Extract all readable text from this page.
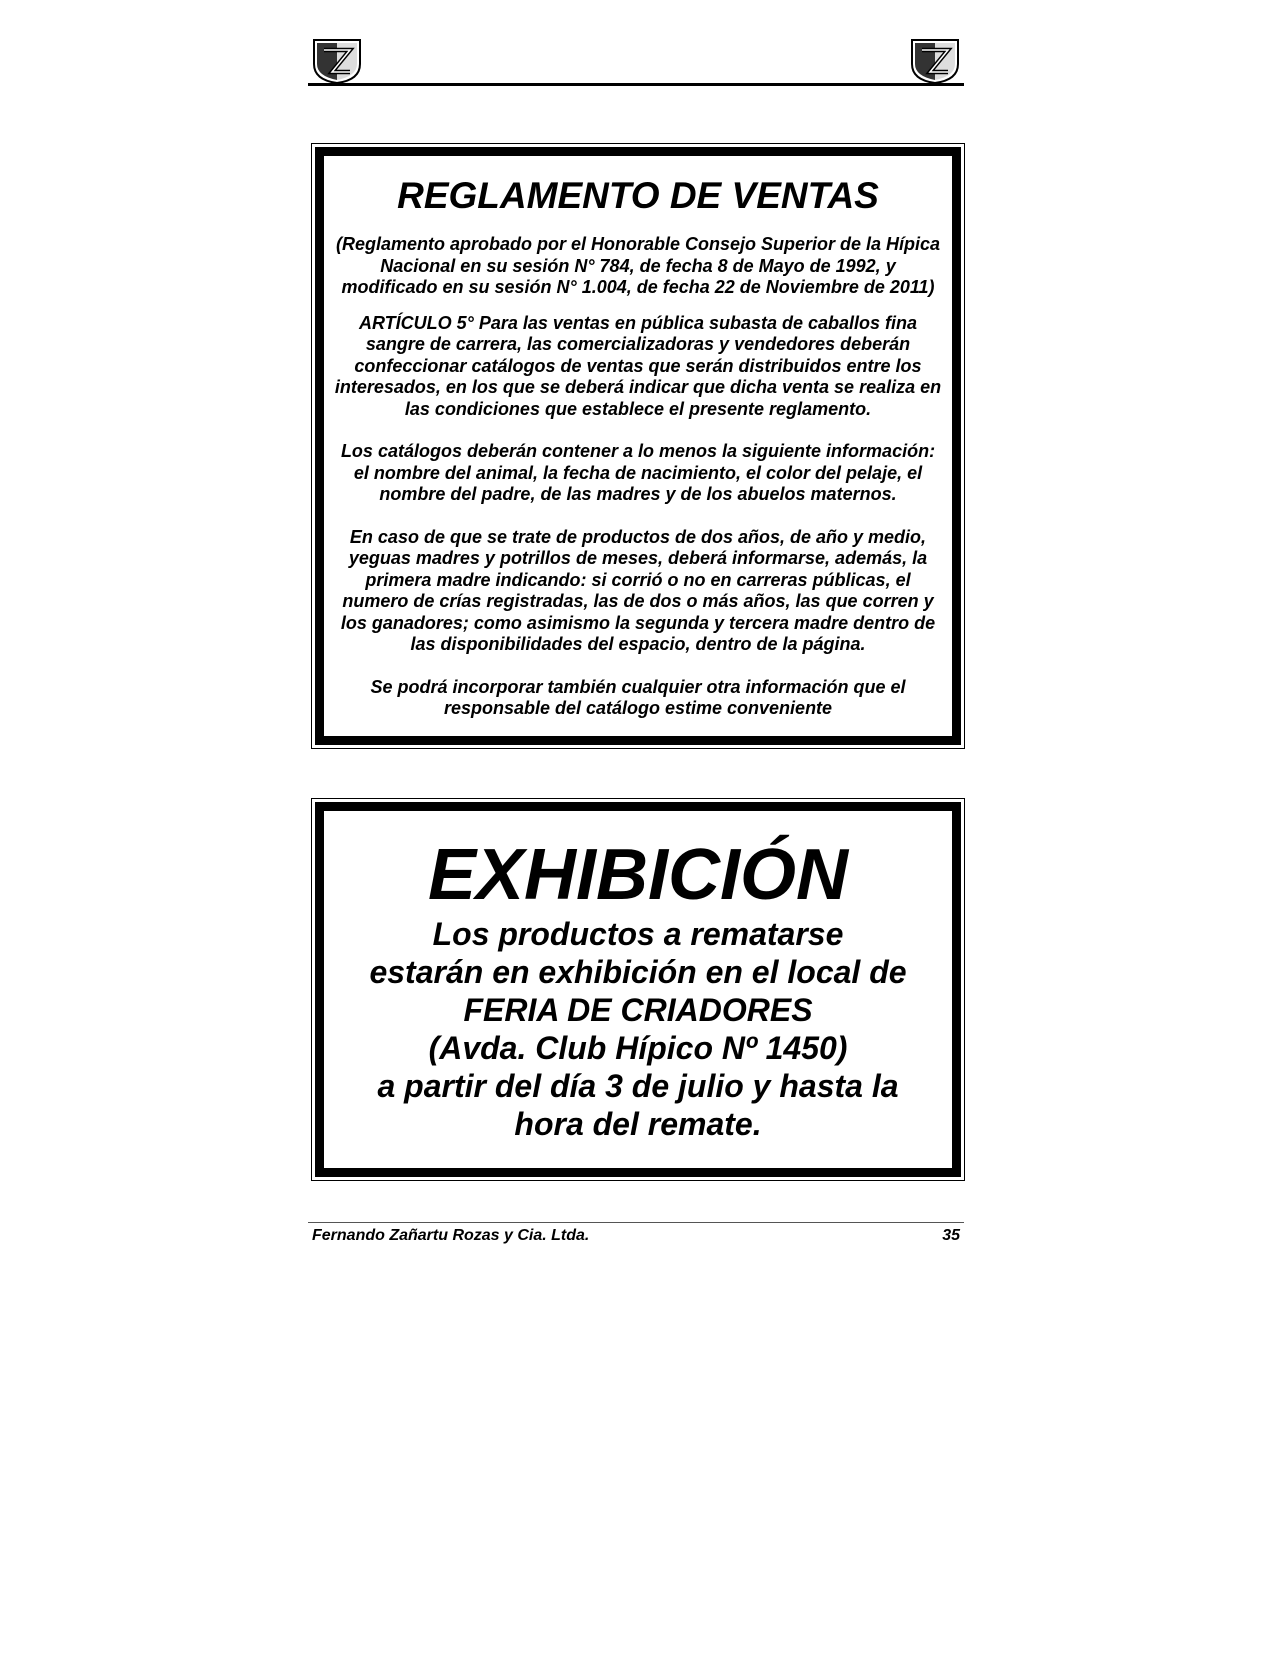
REGLAMENTO DE VENTAS

(Reglamento aprobado por el Honorable Consejo Superior de la Hípica Nacional en su sesión N° 784, de fecha 8 de Mayo de 1992, y modificado en su sesión N° 1.004, de fecha 22 de Noviembre de 2011)

ARTÍCULO 5° Para las ventas en pública subasta de caballos fina sangre de carrera, las comercializadoras y vendedores deberán confeccionar catálogos de ventas que serán distribuidos entre los interesados, en los que se deberá indicar que dicha venta se realiza en las condiciones que establece el presente reglamento.

Los catálogos deberán contener a lo menos la siguiente información: el nombre del animal, la fecha de nacimiento, el color del pelaje, el nombre del padre, de las madres y de los abuelos maternos.

En caso de que se trate de productos de dos años, de año y medio, yeguas madres y potrillos de meses, deberá informarse, además, la primera madre indicando: si corrió o no en carreras públicas, el numero de crías registradas, las de dos o más años, las que corren y los ganadores; como asimismo la segunda y tercera madre dentro de las disponibilidades del espacio, dentro de la página.

Se podrá incorporar también cualquier otra información que el responsable del catálogo estime conveniente

EXHIBICIÓN

Los productos a rematarse

estarán en exhibición en el local de

FERIA DE CRIADORES

(Avda. Club Hípico Nº 1450)

a partir del día 3 de julio y hasta la

hora del remate.

Fernando Zañartu Rozas y Cia. Ltda.	35
